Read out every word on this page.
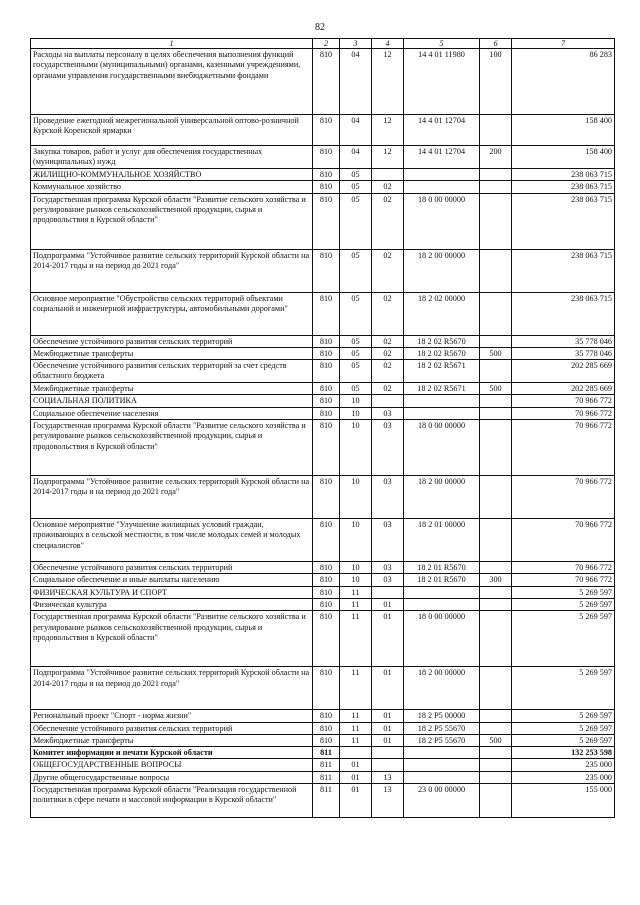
82
1	2	3	4	5	6	7
Расходы на выплаты персоналу в целях обеспечения выполнения функций государственными (муниципальными) органами, казенными учреждениями, органами управления государственными внебюджетными фондами	810	04	12	14 4 01 11980	100	86 283
Проведение ежегодной межрегиональной универсальной оптово-розничной Курской Коренской ярмарки	810	04	12	14 4 01 12704		158 400
Закупка товаров, работ и услуг для обеспечения государственных (муниципальных) нужд	810	04	12	14 4 01 12704	200	158 400
ЖИЛИЩНО-КОММУНАЛЬНОЕ ХОЗЯЙСТВО	810	05				238 063 715
Коммунальное хозяйство	810	05	02			238 063 715
Государственная программа Курской области "Развитие сельского хозяйства и регулирование рынков сельскохозяйственной продукции, сырья и продовольствия в Курской области"	810	05	02	18 0 00 00000		238 063 715
Подпрограмма "Устойчивое развитие сельских территорий Курской области на 2014-2017 годы и на период до 2021 года"	810	05	02	18 2 00 00000		238 063 715
Основное мероприятие "Обустройство сельских территорий объектами социальной и инженерной инфраструктуры, автомобильными дорогами"	810	05	02	18 2 02 00000		238 063 715
Обеспечение устойчивого развития сельских территорий	810	05	02	18 2 02 R5670		35 778 046
Межбюджетные трансферты	810	05	02	18 2 02 R5670	500	35 778 046
Обеспечение устойчивого развития сельских территорий за счет средств областного бюджета	810	05	02	18 2 02 R5671		202 285 669
Межбюджетные трансферты	810	05	02	18 2 02 R5671	500	202 285 669
СОЦИАЛЬНАЯ ПОЛИТИКА	810	10				70 966 772
Социальное обеспечение населения	810	10	03			70 966 772
Государственная программа Курской области "Развитие сельского хозяйства и регулирование рынков сельскохозяйственной продукции, сырья и продовольствия в Курской области"	810	10	03	18 0 00 00000		70 966 772
Подпрограмма "Устойчивое развитие сельских территорий Курской области на 2014-2017 годы и на период до 2021 года"	810	10	03	18 2 00 00000		70 966 772
Основное мероприятие "Улучшение жилищных условий граждан, проживающих в сельской местности, в том числе молодых семей и молодых специалистов"	810	10	03	18 2 01 00000		70 966 772
Обеспечение устойчивого развития сельских территорий	810	10	03	18 2 01 R5670		70 966 772
Социальное обеспечение и иные выплаты населению	810	10	03	18 2 01 R5670	300	70 966 772
ФИЗИЧЕСКАЯ КУЛЬТУРА И СПОРТ	810	11				5 269 597
Физическая культура	810	11	01			5 269 597
Государственная программа Курской области "Развитие сельского хозяйства и регулирование рынков сельскохозяйственной продукции, сырья и продовольствия в Курской области"	810	11	01	18 0 00 00000		5 269 597
Подпрограмма "Устойчивое развитие сельских территорий Курской области на 2014-2017 годы и на период до 2021 года"	810	11	01	18 2 00 00000		5 269 597
Региональный проект "Спорт - норма жизни"	810	11	01	18 2 P5 00000		5 269 597
Обеспечение устойчивого развития сельских территорий	810	11	01	18 2 P5 55670		5 269 597
Межбюджетные трансферты	810	11	01	18 2 P5 55670	500	5 269 597
Комитет информации и печати Курской области	811					132 253 598
ОБЩЕГОСУДАРСТВЕННЫЕ ВОПРОСЫ	811	01				235 000
Другие общегосударственные вопросы	811	01	13			235 000
Государственная программа Курской области "Реализация государственной политики в сфере печати и массовой информации в Курской области"	811	01	13	23 0 00 00000		155 000
